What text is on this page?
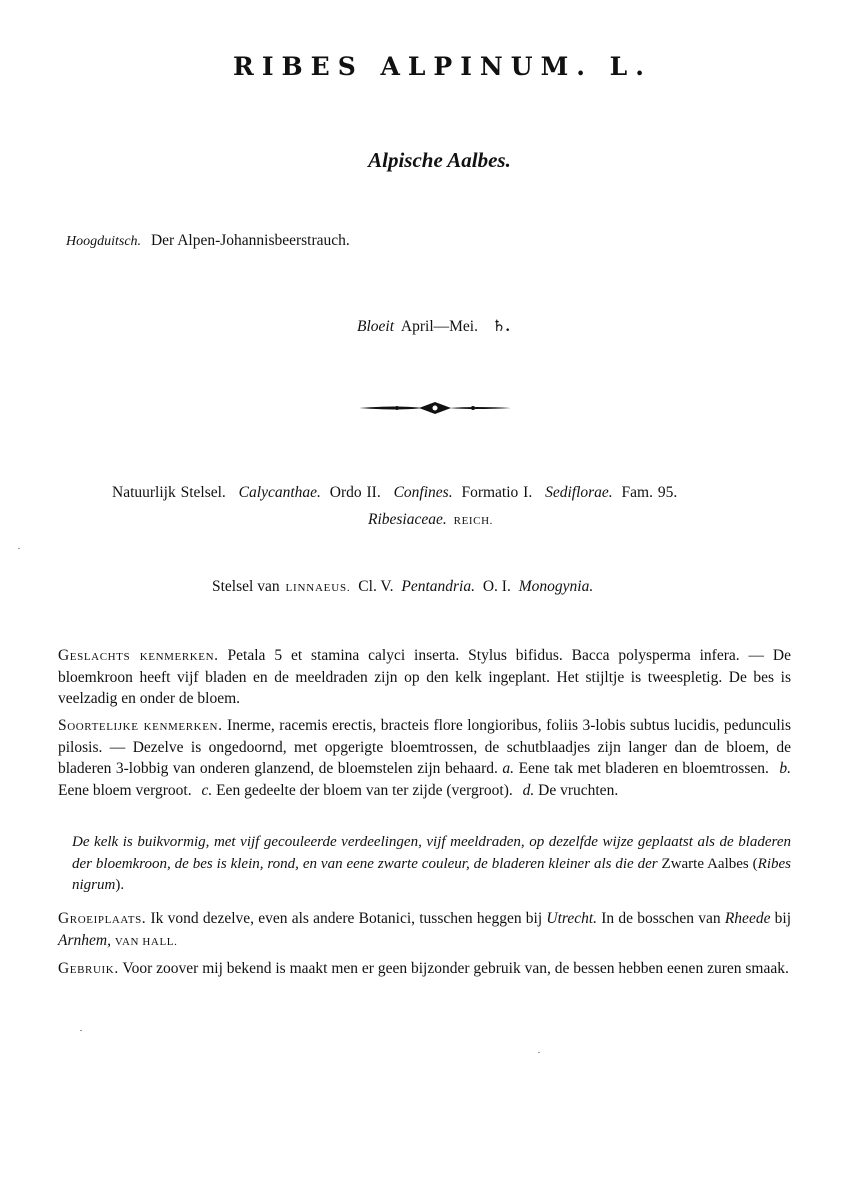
RIBES ALPINUM. L.
Alpische Aalbes.
Hoogduitsch. Der Alpen-Johannisbeerstrauch.
Bloeit April—Mei. ♄.
Natuurlijk Stelsel. Calycanthae. Ordo II. Confines. Formatio I. Sediflorae. Fam. 95.
Ribesiaceae. REICH.
Stelsel van LINNAEUS. Cl. V. Pentandria. O. I. Monogynia.
Geslachts kenmerken. Petala 5 et stamina calyci inserta. Stylus bifidus. Bacca polysperma infera. — De bloemkroon heeft vijf bladen en de meeldraden zijn op den kelk ingeplant. Het stijltje is tweespletig. De bes is veelzadig en onder de bloem.
Soortelijke kenmerken. Inerme, racemis erectis, bracteis flore longioribus, foliis 3-lobis subtus lucidis, pedunculis pilosis. — Dezelve is ongedoornd, met opgerigte bloemtrossen, de schutblaadjes zijn langer dan de bloem, de bladeren 3-lobbig van onderen glanzend, de bloemstelen zijn behaard. a. Eene tak met bladeren en bloemtrossen. b. Eene bloem vergroot. c. Een gedeelte der bloem van ter zijde (vergroot). d. De vruchten.
De kelk is buikvormig, met vijf gecouleerde verdeelingen, vijf meeldraden, op dezelfde wijze geplaatst als de bladeren der bloemkroon, de bes is klein, rond, en van eene zwarte couleur, de bladeren kleiner als die der Zwarte Aalbes (Ribes nigrum).
Groeiplaats. Ik vond dezelve, even als andere Botanici, tusschen heggen bij Utrecht. In de bosschen van Rheede bij Arnhem, VAN HALL.
Gebruik. Voor zoover mij bekend is maakt men er geen bijzonder gebruik van, de bessen hebben eenen zuren smaak.
